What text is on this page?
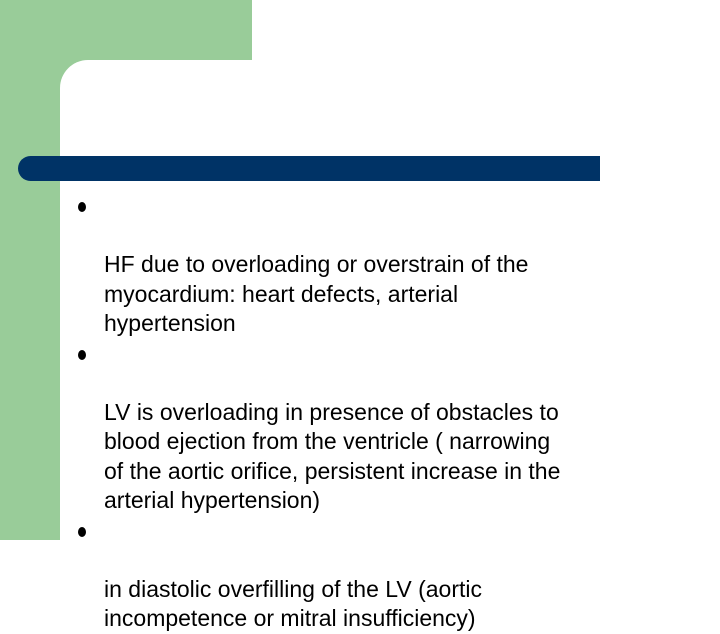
HF due to overloading or overstrain of the
myocardium: heart defects, arterial
hypertension

LV is overloading in presence of obstacles to
blood ejection from the ventricle ( narrowing
of the aortic orifice, persistent increase in the
arterial hypertension)

in diastolic overfilling of the LV (aortic
incompetence or mitral insufficiency)
